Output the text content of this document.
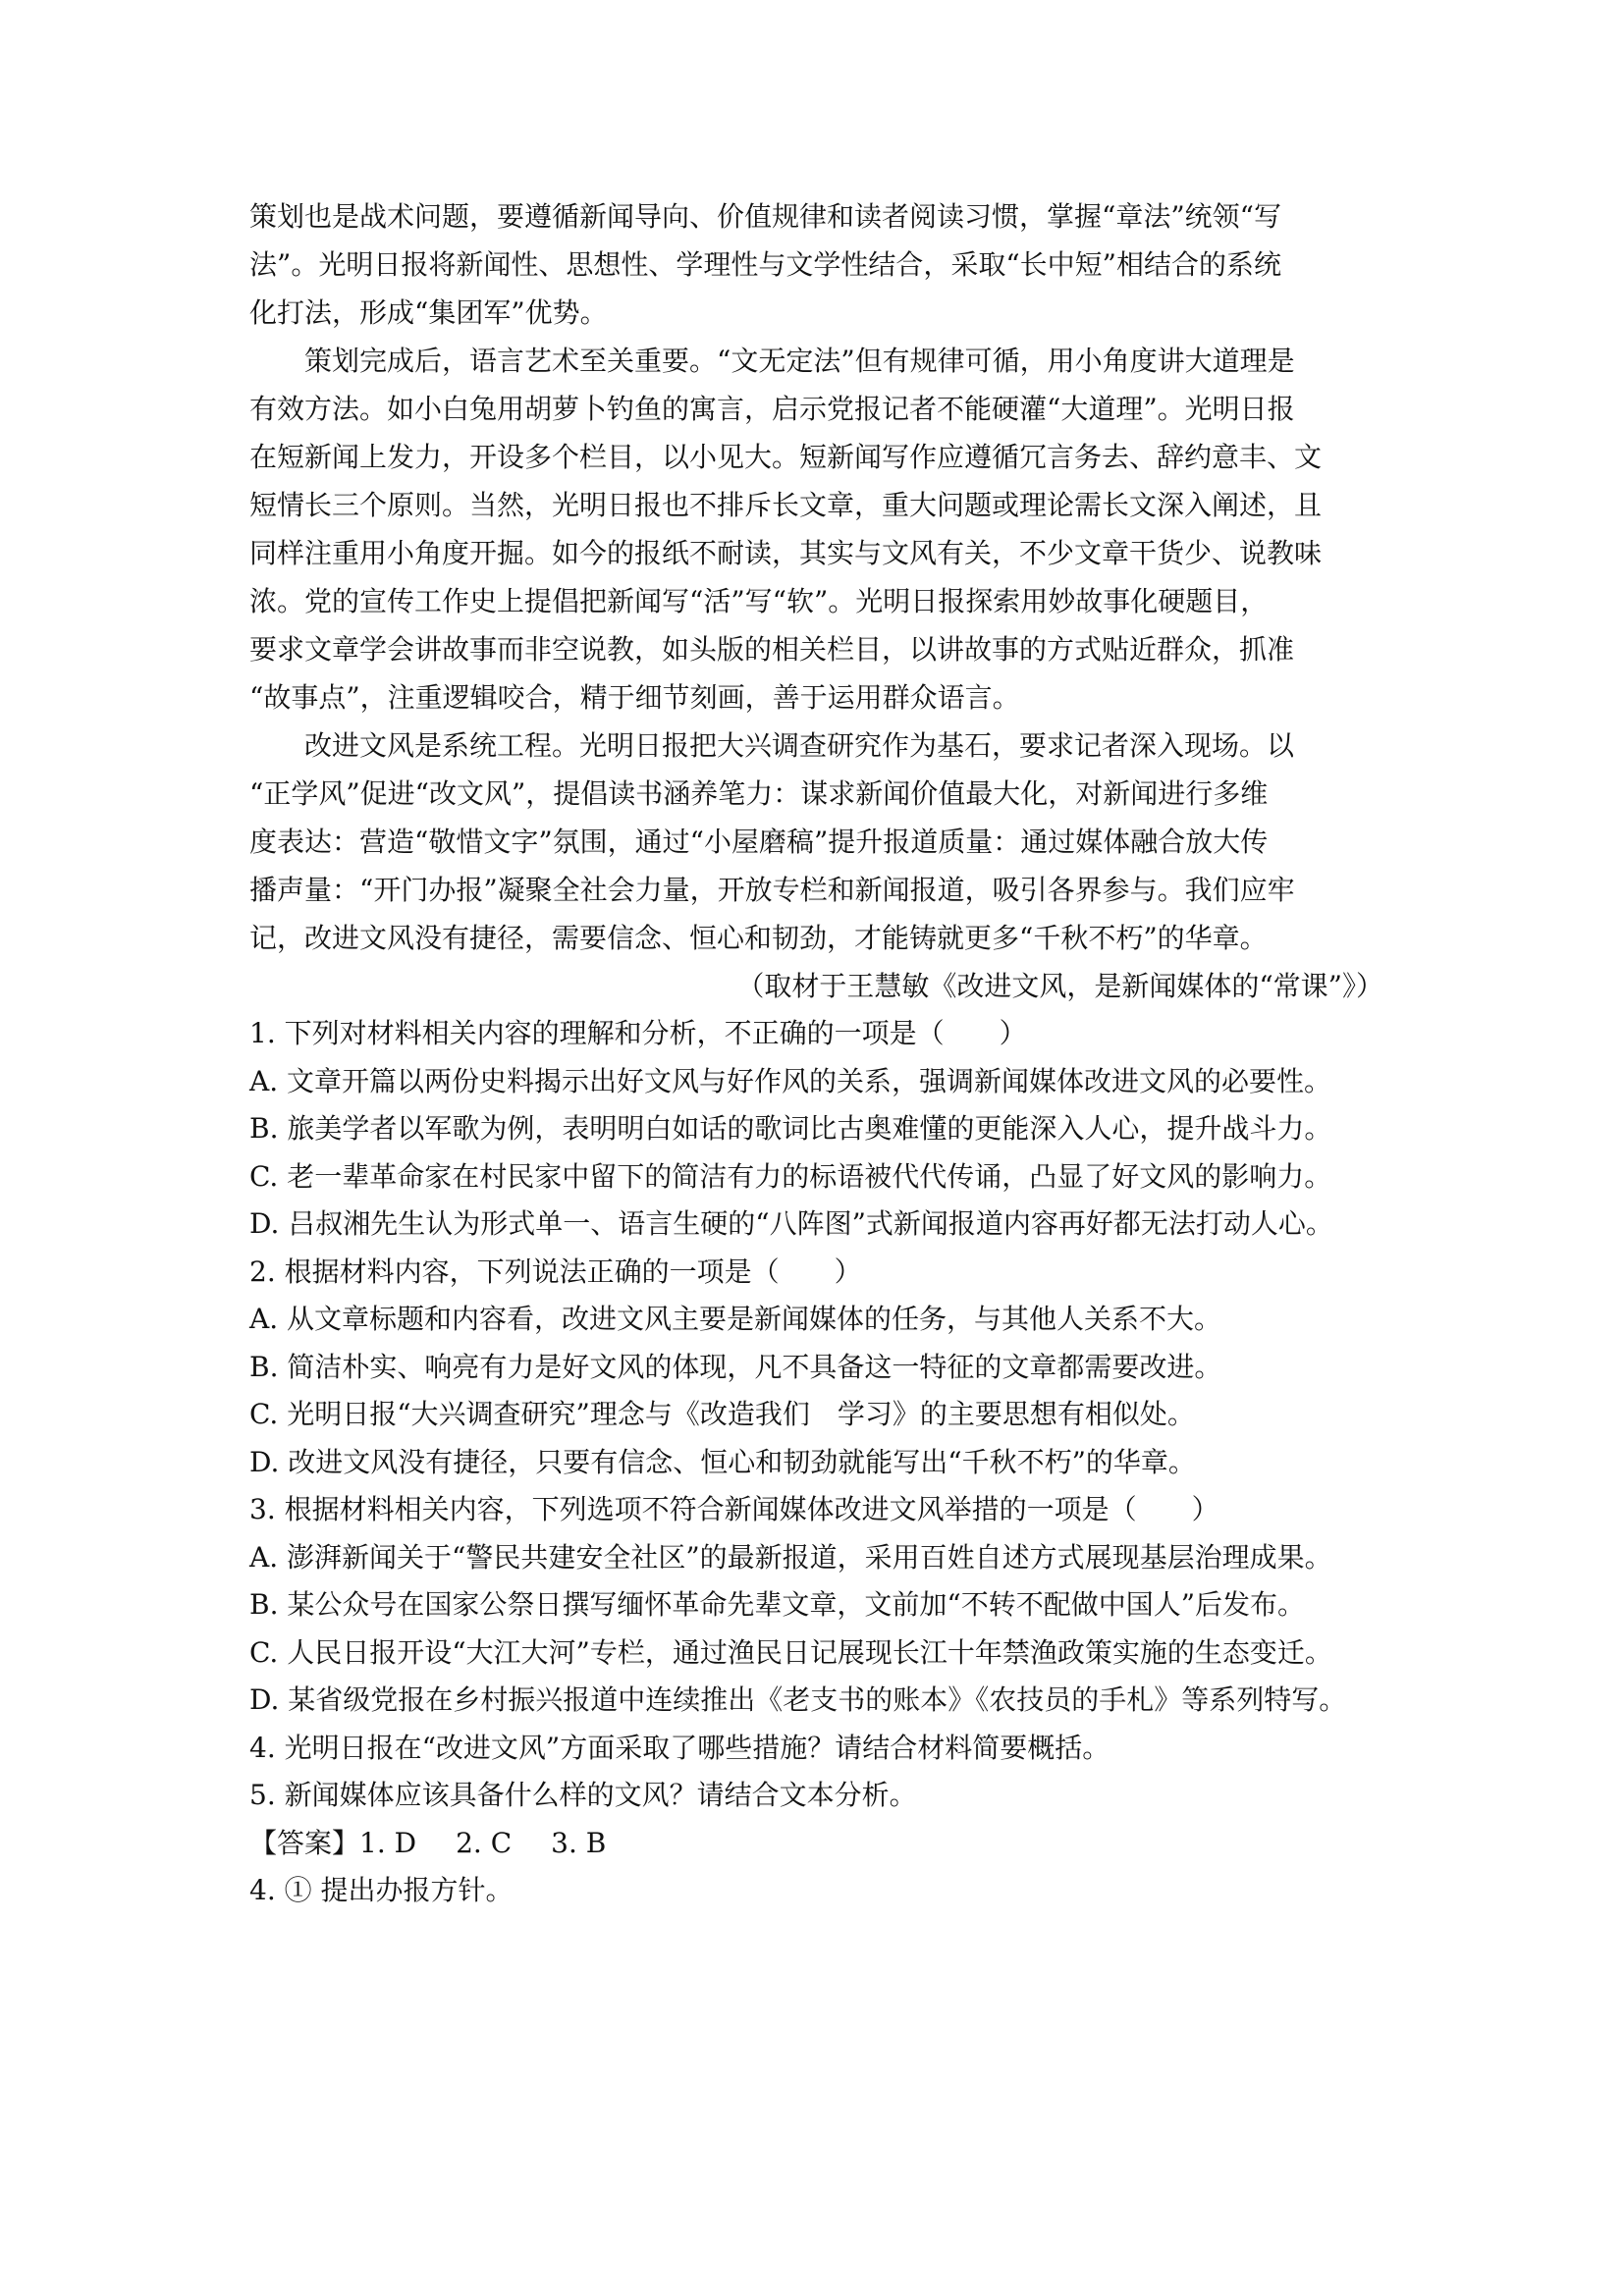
策划也是战术问题，要遵循新闻导向、价值规律和读者阅读习惯，掌握“章法”统领“写
法”。光明日报将新闻性、思想性、学理性与文学性结合，采取“长中短”相结合的系统
化打法，形成“集团军”优势。
策划完成后，语言艺术至关重要。“文无定法”但有规律可循，用小角度讲大道理是
有效方法。如小白兔用胡萝卜钓鱼的寓言，启示党报记者不能硬灌“大道理”。光明日报
在短新闻上发力，开设多个栏目，以小见大。短新闻写作应遵循冗言务去、辞约意丰、文
短情长三个原则。当然，光明日报也不排斥长文章，重大问题或理论需长文深入阐述，且
同样注重用小角度开掘。如今的报纸不耐读，其实与文风有关，不少文章干货少、说教味
浓。党的宣传工作史上提倡把新闻写“活”写“软”。光明日报探索用妙故事化硬题目，
要求文章学会讲故事而非空说教，如头版的相关栏目，以讲故事的方式贴近群众，抓准
“故事点”，注重逻辑咬合，精于细节刻画，善于运用群众语言。
改进文风是系统工程。光明日报把大兴调查研究作为基石，要求记者深入现场。以
“正学风”促进“改文风”，提倡读书涵养笔力：谋求新闻价值最大化，对新闻进行多维
度表达：营造“敬惜文字”氛围，通过“小屋磨稿”提升报道质量：通过媒体融合放大传
播声量：“开门办报”凝聚全社会力量，开放专栏和新闻报道，吸引各界参与。我们应牢
记，改进文风没有捷径，需要信念、恒心和韧劲，才能铸就更多“千秋不朽”的华章。
（取材于王慧敏《改进文风，是新闻媒体的“常课”》）
1. 下列对材料相关内容的理解和分析，不正确的一项是（　　）
A. 文章开篇以两份史料揭示出好文风与好作风的关系，强调新闻媒体改进文风的必要性。
B. 旅美学者以军歌为例，表明明白如话的歌词比古奥难懂的更能深入人心，提升战斗力。
C. 老一辈革命家在村民家中留下的简洁有力的标语被代代传诵，凸显了好文风的影响力。
D. 吕叔湘先生认为形式单一、语言生硬的“八阵图”式新闻报道内容再好都无法打动人心。
2. 根据材料内容，下列说法正确的一项是（　　）
A. 从文章标题和内容看，改进文风主要是新闻媒体的任务，与其他人关系不大。
B. 简洁朴实、响亮有力是好文风的体现，凡不具备这一特征的文章都需要改进。
C. 光明日报“大兴调查研究”理念与《改造我们　学习》的主要思想有相似处。
D. 改进文风没有捷径，只要有信念、恒心和韧劲就能写出“千秋不朽”的华章。
3. 根据材料相关内容，下列选项不符合新闻媒体改进文风举措的一项是（　　）
A. 澎湃新闻关于“警民共建安全社区”的最新报道，采用百姓自述方式展现基层治理成果。
B. 某公众号在国家公祭日撰写缅怀革命先辈文章，文前加“不转不配做中国人”后发布。
C. 人民日报开设“大江大河”专栏，通过渔民日记展现长江十年禁渔政策实施的生态变迁。
D. 某省级党报在乡村振兴报道中连续推出《老支书的账本》《农技员的手札》等系列特写。
4. 光明日报在“改进文风”方面采取了哪些措施？请结合材料简要概括。
5. 新闻媒体应该具备什么样的文风？请结合文本分析。
【答案】1. D 2. C 3. B
4. ① 提出办报方针。
